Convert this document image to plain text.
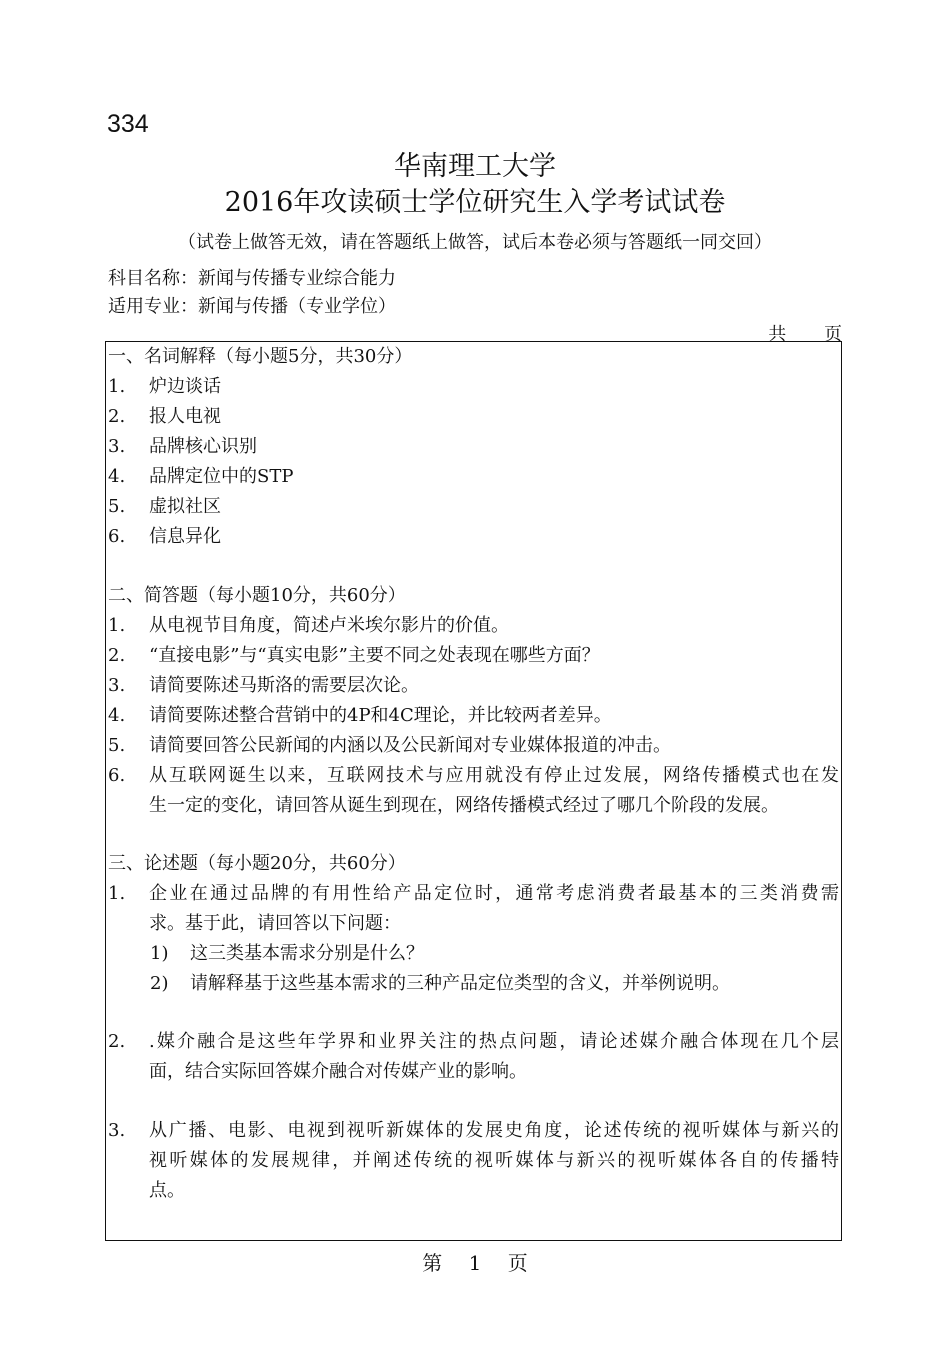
334
华南理工大学
2016年攻读硕士学位研究生入学考试试卷
（试卷上做答无效，请在答题纸上做答，试后本卷必须与答题纸一同交回）
科目名称：新闻与传播专业综合能力
适用专业：新闻与传播（专业学位）
共 页
一、名词解释（每小题5分，共30分）
1. 炉边谈话
2. 报人电视
3. 品牌核心识别
4. 品牌定位中的STP
5. 虚拟社区
6. 信息异化
二、简答题（每小题10分，共60分）
1. 从电视节目角度，简述卢米埃尔影片的价值。
2. “直接电影”与“真实电影”主要不同之处表现在哪些方面？
3. 请简要陈述马斯洛的需要层次论。
4. 请简要陈述整合营销中的4P和4C理论，并比较两者差异。
5. 请简要回答公民新闻的内涵以及公民新闻对专业媒体报道的冲击。
6. 从互联网诞生以来，互联网技术与应用就没有停止过发展，网络传播模式也在发
生一定的变化，请回答从诞生到现在，网络传播模式经过了哪几个阶段的发展。
三、论述题（每小题20分，共60分）
1. 企业在通过品牌的有用性给产品定位时，通常考虑消费者最基本的三类消费需
求。基于此，请回答以下问题：
1) 这三类基本需求分别是什么？
2) 请解释基于这些基本需求的三种产品定位类型的含义，并举例说明。
2. .媒介融合是这些年学界和业界关注的热点问题，请论述媒介融合体现在几个层
面，结合实际回答媒介融合对传媒产业的影响。
3. 从广播、电影、电视到视听新媒体的发展史角度，论述传统的视听媒体与新兴的
视听媒体的发展规律，并阐述传统的视听媒体与新兴的视听媒体各自的传播特
点。
第 1 页
